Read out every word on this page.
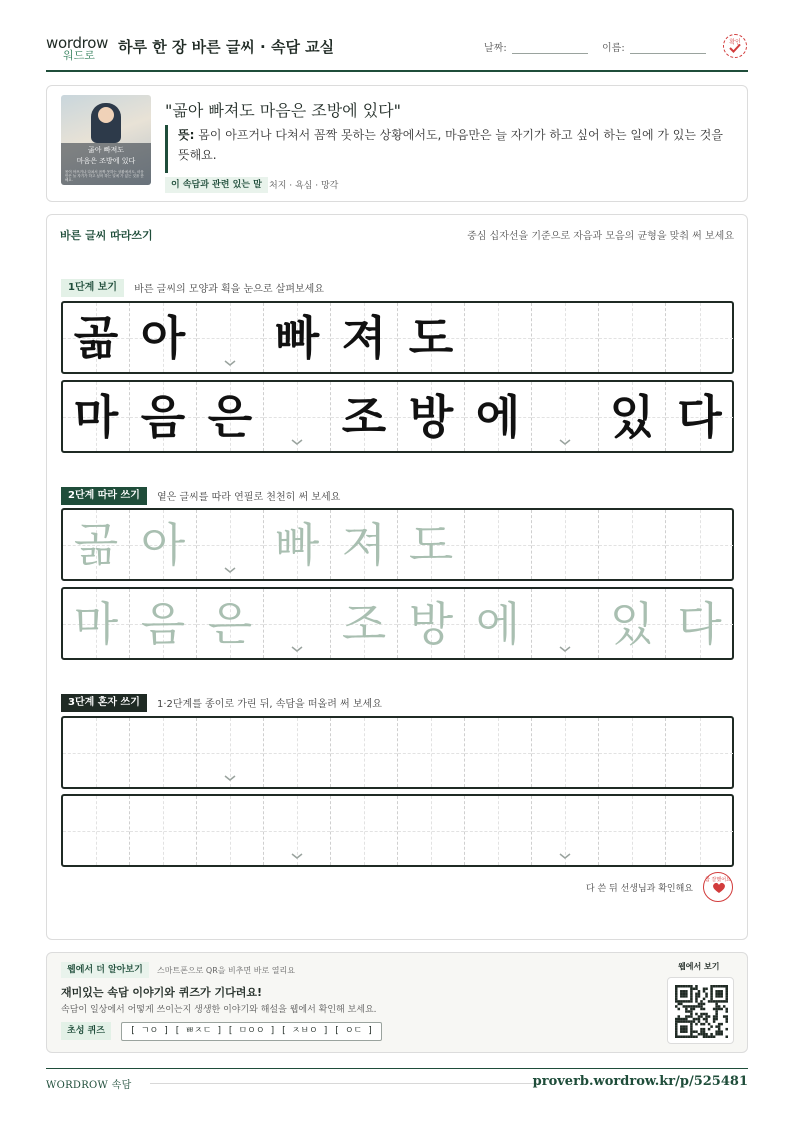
wordrow
워드로 하루 한 장 바른 글씨 · 속담 교실	날짜:	이름:
확인
곪아 빠져도
마음은 조방에 있다
몸이 아프거나 다쳐서 꼼짝 못하는 상황에서도, 마음만은 늘 자기가 하고 싶어 하는 일에 가 있는 것을 뜻해요.
"곪아 빠져도 마음은 조방에 있다"
뜻: 몸이 아프거나 다쳐서 꼼짝 못하는 상황에서도, 마음만은 늘 자기가 하고 싶어 하는 일에 가 있는 것을 뜻해요.
이 속담과 관련 있는 말 처지 · 욕심 · 망각
바른 글씨 따라쓰기	중심 십자선을 기준으로 자음과 모음의 균형을 맞춰 써 보세요
1단계 보기 바른 글씨의 모양과 획을 눈으로 살펴보세요
곪 아 빠 져 도
마 음 은 조 방 에 있 다
2단계 따라 쓰기 옅은 글씨를 따라 연필로 천천히 써 보세요
곪 아 빠 져 도
마 음 은 조 방 에 있 다
3단계 혼자 쓰기 1·2단계를 종이로 가린 뒤, 속담을 떠올려 써 보세요
다 쓴 뒤 선생님과 확인해요
참 잘했어요
웹에서 더 알아보기	스마트폰으로 QR을 비추면 바로 열리요
재미있는 속담 이야기와 퀴즈가 기다려요!
속담이 일상에서 어떻게 쓰이는지 생생한 이야기와 해설을 웹에서 확인해 보세요.
초성 퀴즈	[ ㄱㅇ ] [ ㅃㅈㄷ ] [ ㅁㅇㅇ ] [ ㅈㅂㅇ ] [ ㅇㄷ ]
웹에서 보기
WORDROW 속담	proverb.wordrow.kr/p/525481
